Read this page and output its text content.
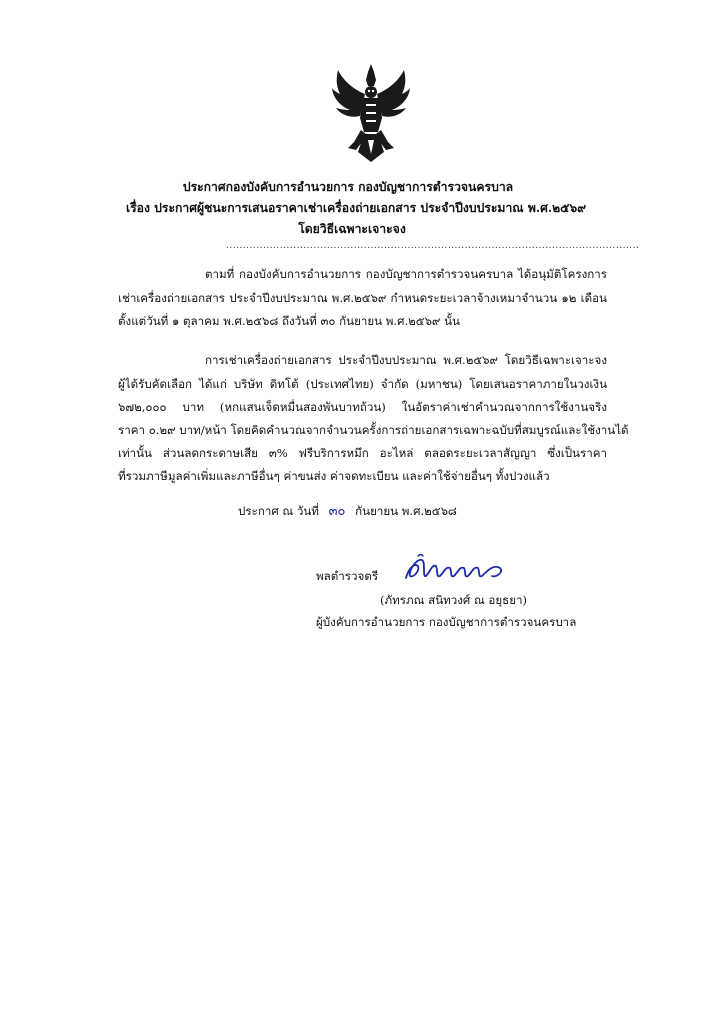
ประกาศกองบังคับการอำนวยการ กองบัญชาการตำรวจนครบาล
เรื่อง ประกาศผู้ชนะการเสนอราคาเช่าเครื่องถ่ายเอกสาร ประจำปีงบประมาณ พ.ศ.๒๕๖๙
โดยวิธีเฉพาะเจาะจง
...........................................................................................................................
ตามที่ กองบังคับการอำนวยการ กองบัญชาการตำรวจนครบาล ได้อนุมัติโครงการ
เช่าเครื่องถ่ายเอกสาร ประจำปีงบประมาณ พ.ศ.๒๕๖๙ กำหนดระยะเวลาจ้างเหมาจำนวน ๑๒ เดือน
ตั้งแต่วันที่ ๑ ตุลาคม พ.ศ.๒๕๖๘ ถึงวันที่ ๓๐ กันยายน พ.ศ.๒๕๖๙ นั้น
การเช่าเครื่องถ่ายเอกสาร ประจำปีงบประมาณ พ.ศ.๒๕๖๙ โดยวิธีเฉพาะเจาะจง
ผู้ได้รับคัดเลือก ได้แก่ บริษัท ดิทโต้ (ประเทศไทย) จำกัด (มหาชน) โดยเสนอราคาภายในวงเงิน
๖๗๒,๐๐๐ บาท (หกแสนเจ็ดหมื่นสองพันบาทถ้วน) ในอัตราค่าเช่าคำนวณจากการใช้งานจริง
ราคา ๐.๒๙ บาท/หน้า โดยคิดคำนวณจากจำนวนครั้งการถ่ายเอกสารเฉพาะฉบับที่สมบูรณ์และใช้งานได้
เท่านั้น ส่วนลดกระดาษเสีย ๓% ฟรีบริการหมึก อะไหล่ ตลอดระยะเวลาสัญญา ซึ่งเป็นราคา
ที่รวมภาษีมูลค่าเพิ่มและภาษีอื่นๆ ค่าขนส่ง ค่าจดทะเบียน และค่าใช้จ่ายอื่นๆ ทั้งปวงแล้ว
ประกาศ ณ วันที่ ๓๐ กันยายน พ.ศ.๒๕๖๘
พลตำรวจตรี
(ภัทรภณ สนิทวงศ์ ณ อยุธยา)
ผู้บังคับการอำนวยการ กองบัญชาการตำรวจนครบาล
